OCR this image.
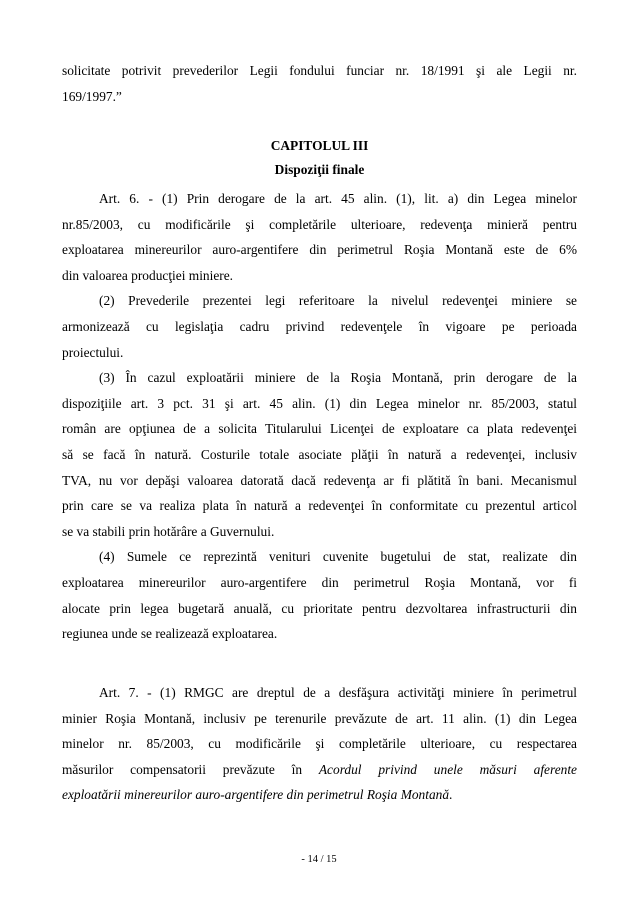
solicitate potrivit prevederilor Legii fondului funciar nr. 18/1991 şi ale Legii nr.
169/1997.”
CAPITOLUL III
Dispoziţii finale
Art. 6. - (1) Prin derogare de la art. 45 alin. (1), lit. a) din Legea minelor
nr.85/2003, cu modificările şi completările ulterioare, redevenţa minieră pentru
exploatarea minereurilor auro-argentifere din perimetrul Roşia Montană este de 6%
din valoarea producţiei miniere.
(2) Prevederile prezentei legi referitoare la nivelul redevenţei miniere se
armonizează cu legislaţia cadru privind redevenţele în vigoare pe perioada
proiectului.
(3) În cazul exploatării miniere de la Roşia Montană, prin derogare de la
dispoziţiile art. 3 pct. 31 şi art. 45 alin. (1) din Legea minelor nr. 85/2003, statul
român are opţiunea de a solicita Titularului Licenţei de exploatare ca plata redevenţei
să se facă în natură. Costurile totale asociate plăţii în natură a redevenţei, inclusiv
TVA, nu vor depăşi valoarea datorată dacă redevenţa ar fi plătită în bani. Mecanismul
prin care se va realiza plata în natură a redevenţei în conformitate cu prezentul articol
se va stabili prin hotărâre a Guvernului.
(4) Sumele ce reprezintă venituri cuvenite bugetului de stat, realizate din
exploatarea minereurilor auro-argentifere din perimetrul Roşia Montană, vor fi
alocate prin legea bugetară anuală, cu prioritate pentru dezvoltarea infrastructurii din
regiunea unde se realizează exploatarea.
Art. 7. - (1) RMGC are dreptul de a desfăşura activităţi miniere în perimetrul
minier Roşia Montană, inclusiv pe terenurile prevăzute de art. 11 alin. (1) din Legea
minelor nr. 85/2003, cu modificările şi completările ulterioare, cu respectarea
măsurilor compensatorii prevăzute în Acordul privind unele măsuri aferente
exploatării minereurilor auro-argentifere din perimetrul Roşia Montană.
- 14 / 15
